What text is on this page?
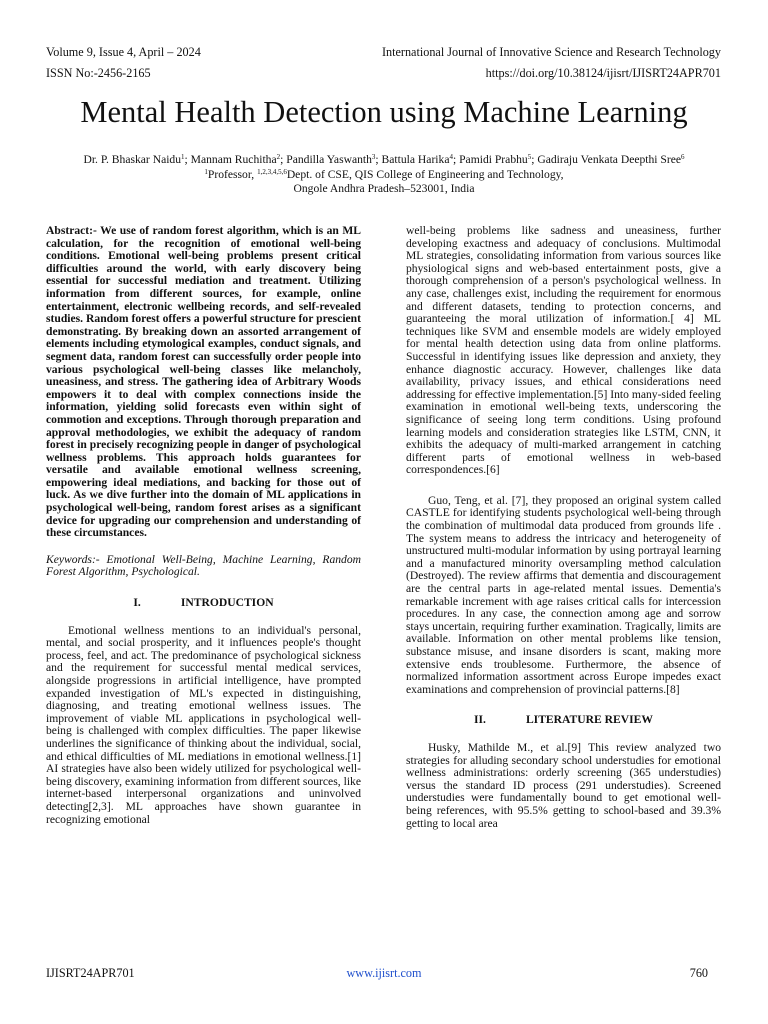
Volume 9, Issue 4, April – 2024	International Journal of Innovative Science and Research Technology
ISSN No:-2456-2165	https://doi.org/10.38124/ijisrt/IJISRT24APR701
Mental Health Detection using Machine Learning
Dr. P. Bhaskar Naidu$^1$; Mannam Ruchitha$^2$; Pandilla Yaswanth$^3$; Battula Harika$^4$; Pamidi Prabhu$^5$; Gadiraju Venkata Deepthi Sree$^6$
$^1$Professor, $^{1,2,3,4,5,6}$Dept. of CSE, QIS College of Engineering and Technology,
Ongole Andhra Pradesh–523001, India

Abstract:- We use of random forest algorithm, which is an ML calculation, for the recognition of emotional well-being conditions. Emotional well-being problems present critical difficulties around the world, with early discovery being essential for successful mediation and treatment. Utilizing information from different sources, for example, online entertainment, electronic wellbeing records, and self-revealed studies. Random forest offers a powerful structure for prescient demonstrating. By breaking down an assorted arrangement of elements including etymological examples, conduct signals, and segment data, random forest can successfully order people into various psychological well-being classes like melancholy, uneasiness, and stress. The gathering idea of Arbitrary Woods empowers it to deal with complex connections inside the information, yielding solid forecasts even within sight of commotion and exceptions. Through thorough preparation and approval methodologies, we exhibit the adequacy of random forest in precisely recognizing people in danger of psychological wellness problems. This approach holds guarantees for versatile and available emotional wellness screening, empowering ideal mediations, and backing for those out of luck. As we dive further into the domain of ML applications in psychological well-being, random forest arises as a significant device for upgrading our comprehension and understanding of these circumstances.

Keywords:- Emotional Well-Being, Machine Learning, Random Forest Algorithm, Psychological.

I.	INTRODUCTION

Emotional wellness mentions to an individual's personal, mental, and social prosperity, and it influences people's thought process, feel, and act. The predominance of psychological sickness and the requirement for successful mental medical services, alongside progressions in artificial intelligence, have prompted expanded investigation of ML's expected in distinguishing, diagnosing, and treating emotional wellness issues. The improvement of viable ML applications in psychological well-being is challenged with complex difficulties. The paper likewise underlines the significance of thinking about the individual, social, and ethical difficulties of ML mediations in emotional wellness.[1] AI strategies have also been widely utilized for psychological well-being discovery, examining information from different sources, like internet-based interpersonal organizations and uninvolved detecting[2,3]. ML approaches have shown guarantee in recognizing emotional

well-being problems like sadness and uneasiness, further developing exactness and adequacy of conclusions. Multimodal ML strategies, consolidating information from various sources like physiological signs and web-based entertainment posts, give a thorough comprehension of a person's psychological wellness. In any case, challenges exist, including the requirement for enormous and different datasets, tending to protection concerns, and guaranteeing the moral utilization of information.[ 4] ML techniques like SVM and ensemble models are widely employed for mental health detection using data from online platforms. Successful in identifying issues like depression and anxiety, they enhance diagnostic accuracy. However, challenges like data availability, privacy issues, and ethical considerations need addressing for effective implementation.[5] Into many-sided feeling examination in emotional well-being texts, underscoring the significance of seeing long term conditions. Using profound learning models and consideration strategies like LSTM, CNN, it exhibits the adequacy of multi-marked arrangement in catching different parts of emotional wellness in web-based correspondences.[6]

Guo, Teng, et al. [7], they proposed an original system called CASTLE for identifying students psychological well-being through the combination of multimodal data produced from grounds life . The system means to address the intricacy and heterogeneity of unstructured multi-modular information by using portrayal learning and a manufactured minority oversampling method calculation (Destroyed). The review affirms that dementia and discouragement are the central parts in age-related mental issues. Dementia's remarkable increment with age raises critical calls for intercession procedures. In any case, the connection among age and sorrow stays uncertain, requiring further examination. Tragically, limits are available. Information on other mental problems like tension, substance misuse, and insane disorders is scant, making more extensive ends troublesome. Furthermore, the absence of normalized information assortment across Europe impedes exact examinations and comprehension of provincial patterns.[8]

II.	LITERATURE REVIEW

Husky, Mathilde M., et al.[9] This review analyzed two strategies for alluding secondary school understudies for emotional wellness administrations: orderly screening (365 understudies) versus the standard ID process (291 understudies). Screened understudies were fundamentally bound to get emotional well-being references, with 95.5% getting to school-based and 39.3% getting to local area

IJISRT24APR701	www.ijisrt.com	760
